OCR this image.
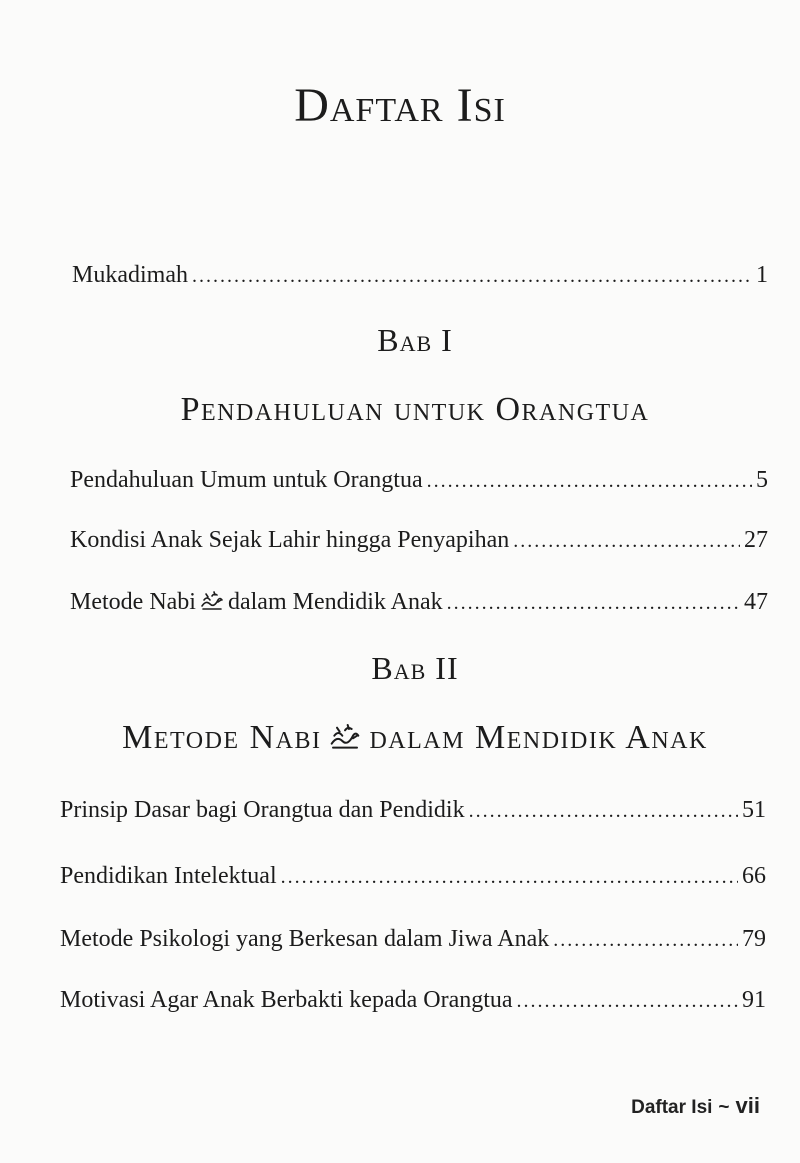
Daftar Isi
Mukadimah .....	1
Bab I
Pendahuluan untuk Orangtua
Pendahuluan Umum untuk Orangtua .....	5
Kondisi Anak Sejak Lahir hingga Penyapihan .....	27
Metode Nabi dalam Mendidik Anak .....	47
Bab II
Metode Nabi dalam Mendidik Anak
Prinsip Dasar bagi Orangtua dan Pendidik .....	51
Pendidikan Intelektual .....	66
Metode Psikologi yang Berkesan dalam Jiwa Anak .....	79
Motivasi Agar Anak Berbakti kepada Orangtua .....	91
Daftar Isi ~ vii
